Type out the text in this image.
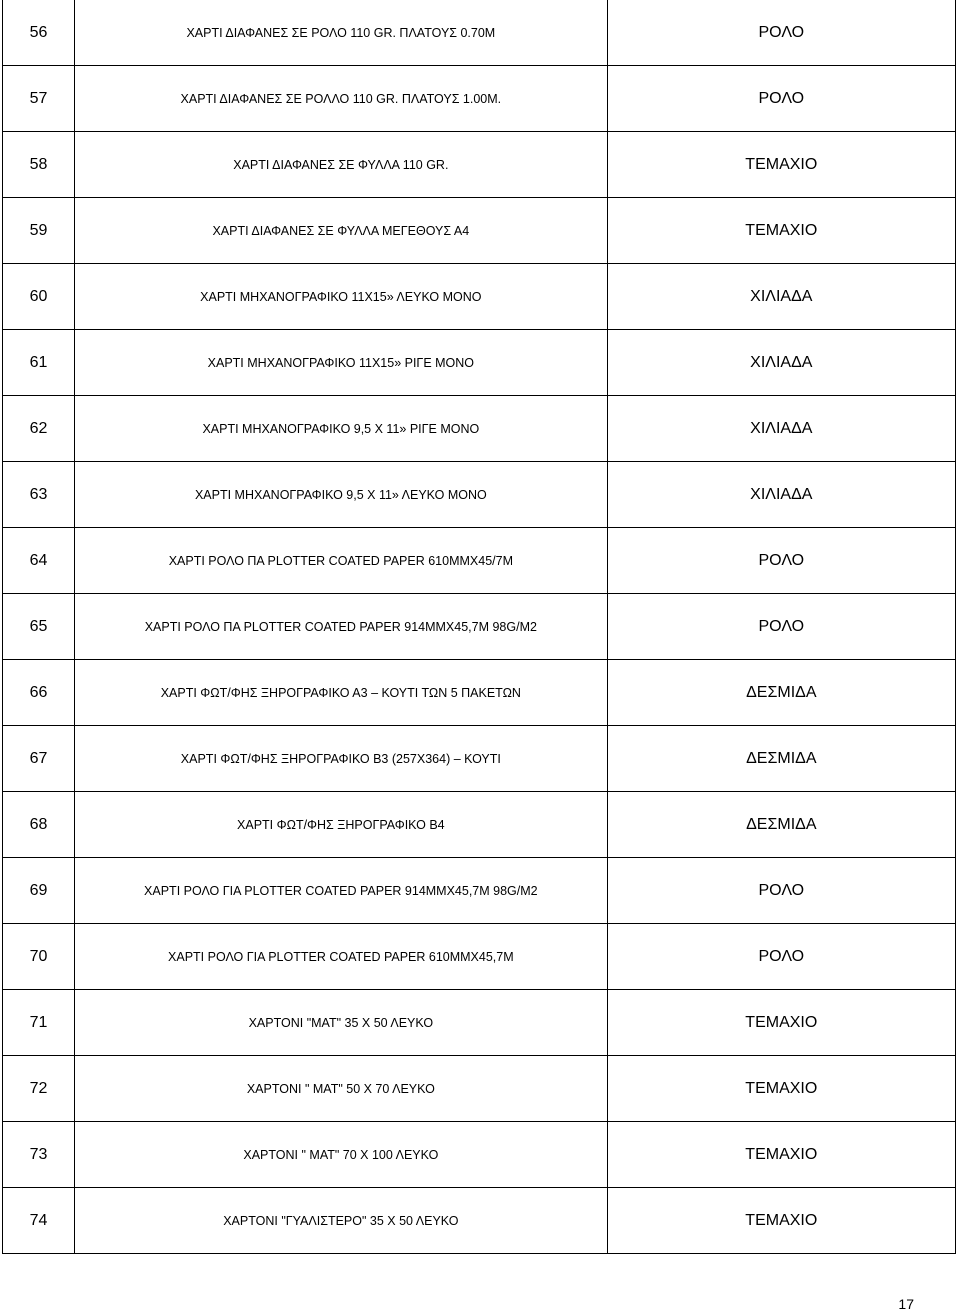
56	ΧΑΡΤΙ ΔΙΑΦΑΝΕΣ ΣΕ ΡΟΛΟ 110 GR. ΠΛΑΤΟΥΣ 0.70Μ	ΡΟΛΟ
57	ΧΑΡΤΙ ΔΙΑΦΑΝΕΣ ΣΕ ΡΟΛΛΟ 110 GR. ΠΛΑΤΟΥΣ 1.00Μ.	ΡΟΛΟ
58	ΧΑΡΤΙ ΔΙΑΦΑΝΕΣ ΣΕ ΦΥΛΛΑ 110 GR.	ΤΕΜΑΧΙΟ
59	ΧΑΡΤΙ ΔΙΑΦΑΝΕΣ ΣΕ ΦΥΛΛΑ ΜΕΓΕΘΟΥΣ Α4	ΤΕΜΑΧΙΟ
60	ΧΑΡΤΙ ΜΗΧΑΝΟΓΡΑΦΙΚΟ 11Χ15» ΛΕΥΚΟ ΜΟΝΟ	ΧΙΛΙΑΔΑ
61	ΧΑΡΤΙ ΜΗΧΑΝΟΓΡΑΦΙΚΟ 11Χ15» ΡΙΓΕ ΜΟΝΟ	ΧΙΛΙΑΔΑ
62	ΧΑΡΤΙ ΜΗΧΑΝΟΓΡΑΦΙΚΟ 9,5 Χ 11» ΡΙΓΕ ΜΟΝΟ	ΧΙΛΙΑΔΑ
63	ΧΑΡΤΙ ΜΗΧΑΝΟΓΡΑΦΙΚΟ 9,5 Χ 11» ΛΕΥΚΟ ΜΟΝΟ	ΧΙΛΙΑΔΑ
64	ΧΑΡΤΙ ΡΟΛΟ ΠΑ PLOTTER COATED PAPER 610MMX45/7M	ΡΟΛΟ
65	ΧΑΡΤΙ ΡΟΛΟ ΠΑ PLOTTER COATED PAPER 914MMX45,7M 98G/M2	ΡΟΛΟ
66	ΧΑΡΤΙ ΦΩΤ/ΦΗΣ ΞΗΡΟΓΡΑΦΙΚΟ Α3 – ΚΟΥΤΙ ΤΩΝ 5 ΠΑΚΕΤΩΝ	ΔΕΣΜΙΔΑ
67	ΧΑΡΤΙ ΦΩΤ/ΦΗΣ ΞΗΡΟΓΡΑΦΙΚΟ Β3 (257Χ364) – ΚΟΥΤΙ	ΔΕΣΜΙΔΑ
68	ΧΑΡΤΙ ΦΩΤ/ΦΗΣ ΞΗΡΟΓΡΑΦΙΚΟ Β4	ΔΕΣΜΙΔΑ
69	ΧΑΡΤΙ ΡΟΛΟ ΓΙΑ PLOTTER COATED PAPER 914MMX45,7M 98G/M2	ΡΟΛΟ
70	ΧΑΡΤΙ ΡΟΛΟ ΓΙΑ PLOTTER COATED PAPER 610MMX45,7M	ΡΟΛΟ
71	ΧΑΡΤΟΝΙ "ΜΑΤ" 35 Χ 50 ΛΕΥΚΟ	ΤΕΜΑΧΙΟ
72	ΧΑΡΤΟΝΙ " ΜΑΤ" 50 Χ 70 ΛΕΥΚΟ	ΤΕΜΑΧΙΟ
73	ΧΑΡΤΟΝΙ " ΜΑΤ" 70 Χ 100 ΛΕΥΚΟ	ΤΕΜΑΧΙΟ
74	ΧΑΡΤΟΝΙ "ΓΥΑΛΙΣΤΕΡΟ" 35 Χ 50 ΛΕΥΚΟ	ΤΕΜΑΧΙΟ
17
